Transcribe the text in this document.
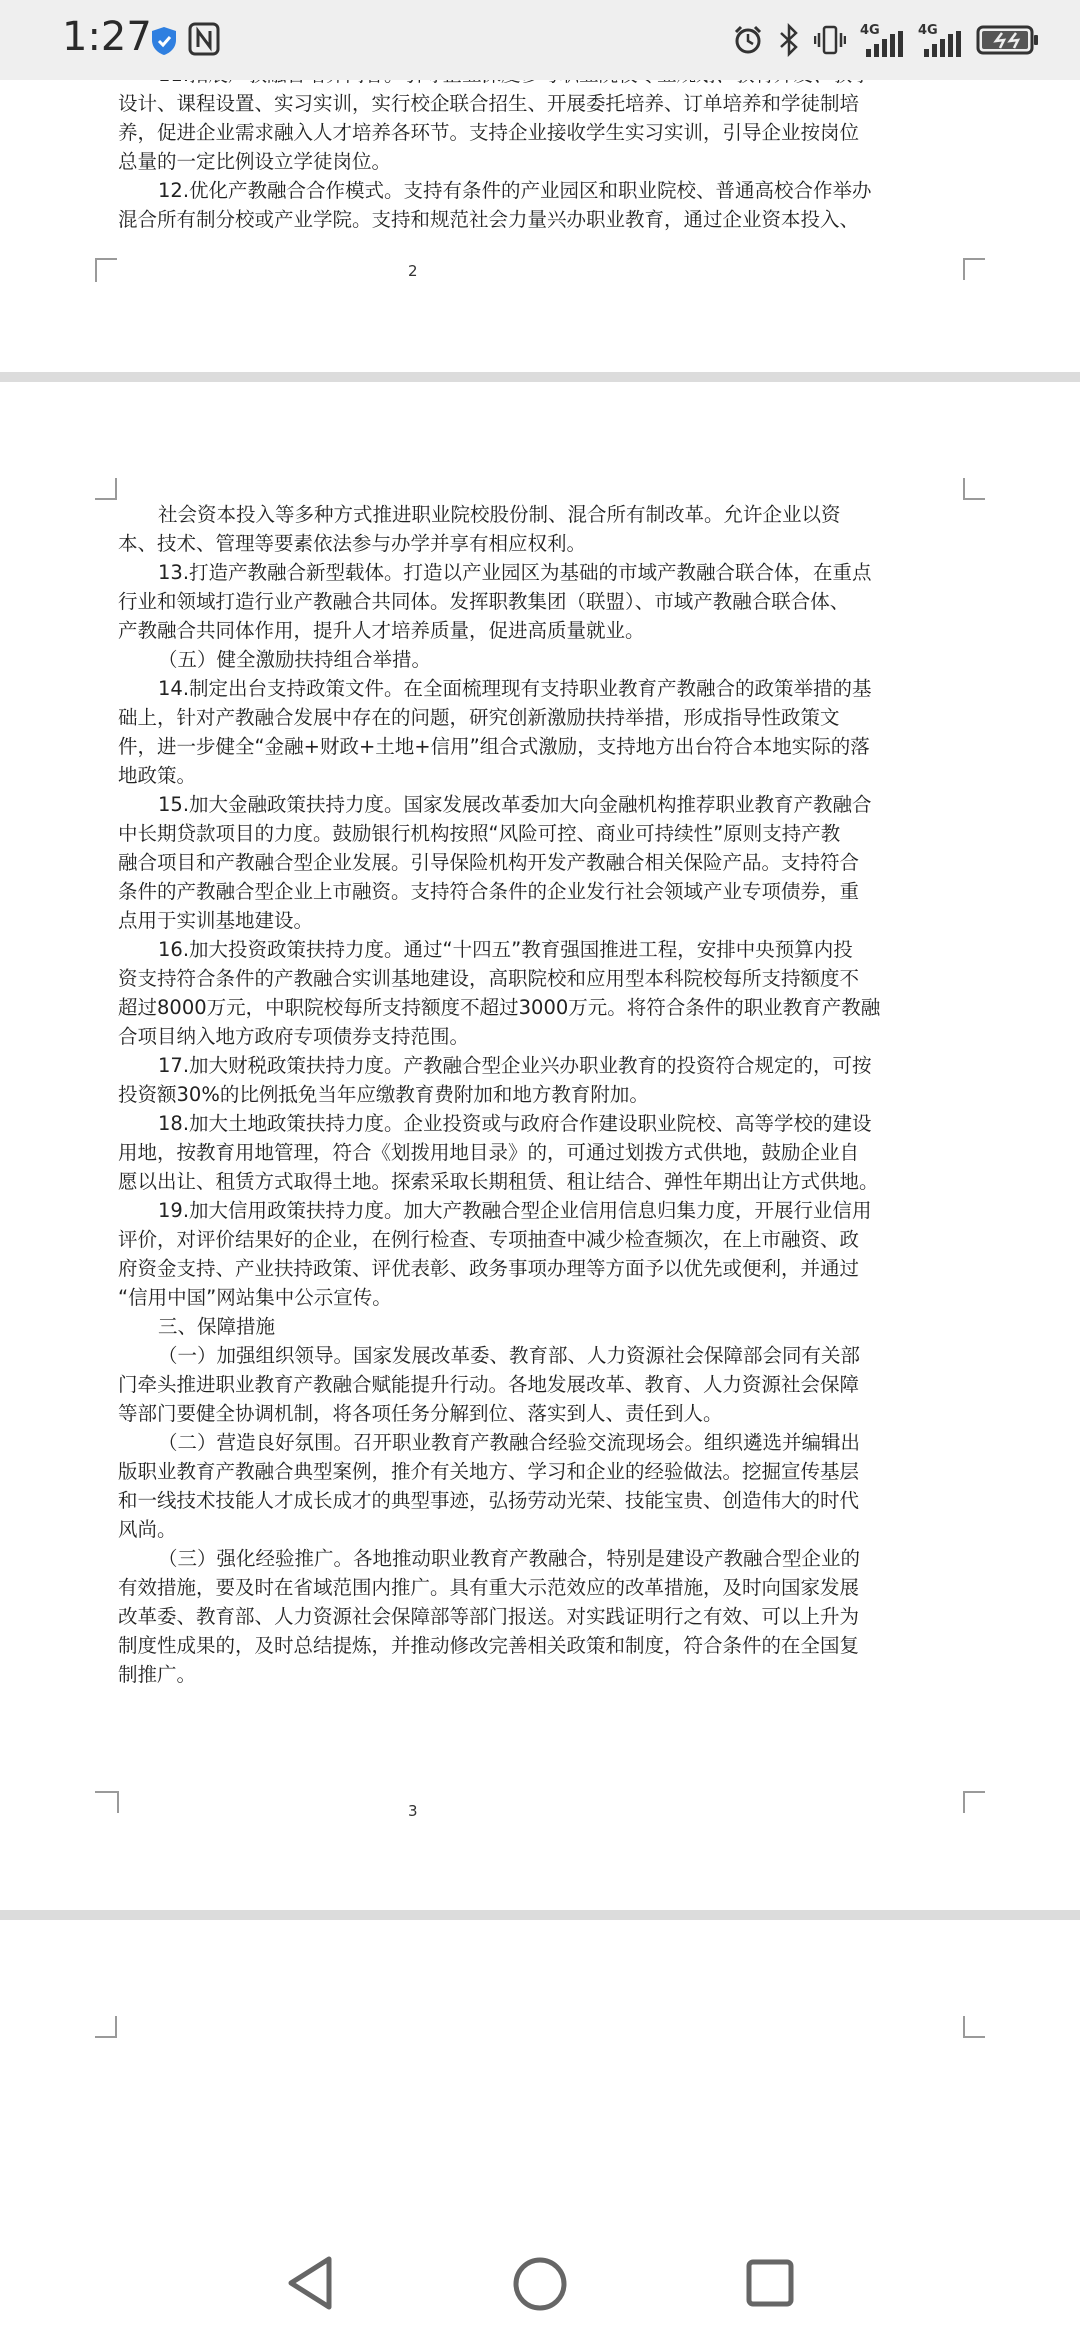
1:27	4G	4G
设计、课程设置、实习实训，实行校企联合招生、开展委托培养、订单培养和学徒制培
养，促进企业需求融入人才培养各环节。支持企业接收学生实习实训，引导企业按岗位
总量的一定比例设立学徒岗位。
12.优化产教融合合作模式。支持有条件的产业园区和职业院校、普通高校合作举办
混合所有制分校或产业学院。支持和规范社会力量兴办职业教育，通过企业资本投入、
2
社会资本投入等多种方式推进职业院校股份制、混合所有制改革。允许企业以资
本、技术、管理等要素依法参与办学并享有相应权利。
13.打造产教融合新型载体。打造以产业园区为基础的市域产教融合联合体，在重点
行业和领域打造行业产教融合共同体。发挥职教集团（联盟）、市域产教融合联合体、
产教融合共同体作用，提升人才培养质量，促进高质量就业。
（五）健全激励扶持组合举措。
14.制定出台支持政策文件。在全面梳理现有支持职业教育产教融合的政策举措的基
础上，针对产教融合发展中存在的问题，研究创新激励扶持举措，形成指导性政策文
件，进一步健全“金融+财政+土地+信用”组合式激励，支持地方出台符合本地实际的落
地政策。
15.加大金融政策扶持力度。国家发展改革委加大向金融机构推荐职业教育产教融合
中长期贷款项目的力度。鼓励银行机构按照“风险可控、商业可持续性”原则支持产教
融合项目和产教融合型企业发展。引导保险机构开发产教融合相关保险产品。支持符合
条件的产教融合型企业上市融资。支持符合条件的企业发行社会领域产业专项债券，重
点用于实训基地建设。
16.加大投资政策扶持力度。通过“十四五”教育强国推进工程，安排中央预算内投
资支持符合条件的产教融合实训基地建设，高职院校和应用型本科院校每所支持额度不
超过8000万元，中职院校每所支持额度不超过3000万元。将符合条件的职业教育产教融
合项目纳入地方政府专项债券支持范围。
17.加大财税政策扶持力度。产教融合型企业兴办职业教育的投资符合规定的，可按
投资额30%的比例抵免当年应缴教育费附加和地方教育附加。
18.加大土地政策扶持力度。企业投资或与政府合作建设职业院校、高等学校的建设
用地，按教育用地管理，符合《划拨用地目录》的，可通过划拨方式供地，鼓励企业自
愿以出让、租赁方式取得土地。探索采取长期租赁、租让结合、弹性年期出让方式供地。
19.加大信用政策扶持力度。加大产教融合型企业信用信息归集力度，开展行业信用
评价，对评价结果好的企业，在例行检查、专项抽查中减少检查频次，在上市融资、政
府资金支持、产业扶持政策、评优表彰、政务事项办理等方面予以优先或便利，并通过
“信用中国”网站集中公示宣传。
三、保障措施
（一）加强组织领导。国家发展改革委、教育部、人力资源社会保障部会同有关部
门牵头推进职业教育产教融合赋能提升行动。各地发展改革、教育、人力资源社会保障
等部门要健全协调机制，将各项任务分解到位、落实到人、责任到人。
（二）营造良好氛围。召开职业教育产教融合经验交流现场会。组织遴选并编辑出
版职业教育产教融合典型案例，推介有关地方、学习和企业的经验做法。挖掘宣传基层
和一线技术技能人才成长成才的典型事迹，弘扬劳动光荣、技能宝贵、创造伟大的时代
风尚。
（三）强化经验推广。各地推动职业教育产教融合，特别是建设产教融合型企业的
有效措施，要及时在省域范围内推广。具有重大示范效应的改革措施，及时向国家发展
改革委、教育部、人力资源社会保障部等部门报送。对实践证明行之有效、可以上升为
制度性成果的，及时总结提炼，并推动修改完善相关政策和制度，符合条件的在全国复
制推广。
3
